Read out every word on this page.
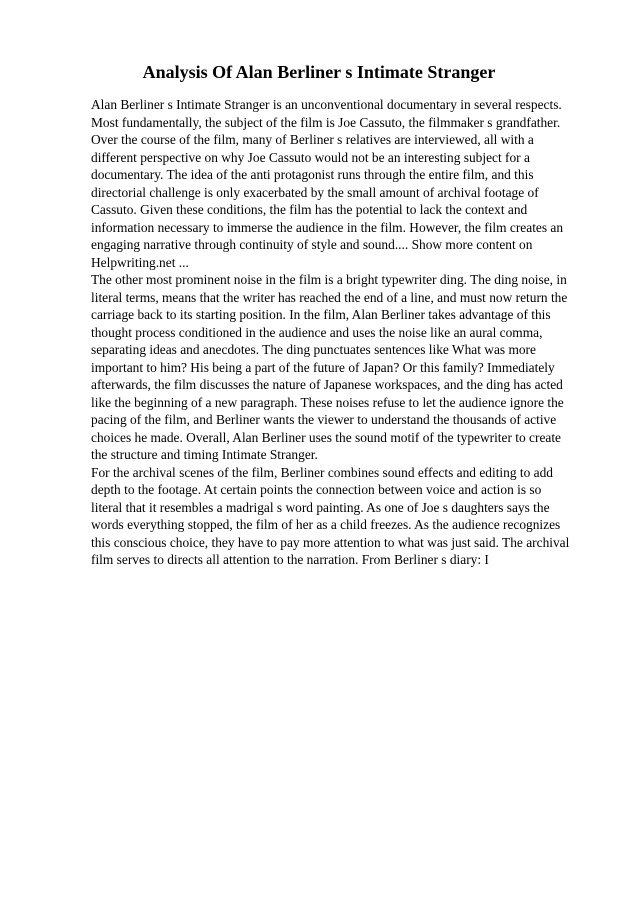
Analysis Of Alan Berliner s Intimate Stranger

Alan Berliner s Intimate Stranger is an unconventional documentary in several respects. Most fundamentally, the subject of the film is Joe Cassuto, the filmmaker s grandfather. Over the course of the film, many of Berliner s relatives are interviewed, all with a different perspective on why Joe Cassuto would not be an interesting subject for a documentary. The idea of the anti protagonist runs through the entire film, and this directorial challenge is only exacerbated by the small amount of archival footage of Cassuto. Given these conditions, the film has the potential to lack the context and information necessary to immerse the audience in the film. However, the film creates an engaging narrative through continuity of style and sound.... Show more content on Helpwriting.net ...

The other most prominent noise in the film is a bright typewriter ding. The ding noise, in literal terms, means that the writer has reached the end of a line, and must now return the carriage back to its starting position. In the film, Alan Berliner takes advantage of this thought process conditioned in the audience and uses the noise like an aural comma, separating ideas and anecdotes. The ding punctuates sentences like What was more important to him? His being a part of the future of Japan? Or this family? Immediately afterwards, the film discusses the nature of Japanese workspaces, and the ding has acted like the beginning of a new paragraph. These noises refuse to let the audience ignore the pacing of the film, and Berliner wants the viewer to understand the thousands of active choices he made. Overall, Alan Berliner uses the sound motif of the typewriter to create the structure and timing Intimate Stranger.

For the archival scenes of the film, Berliner combines sound effects and editing to add depth to the footage. At certain points the connection between voice and action is so literal that it resembles a madrigal s word painting. As one of Joe s daughters says the words everything stopped, the film of her as a child freezes. As the audience recognizes this conscious choice, they have to pay more attention to what was just said. The archival film serves to directs all attention to the narration. From Berliner s diary: I
